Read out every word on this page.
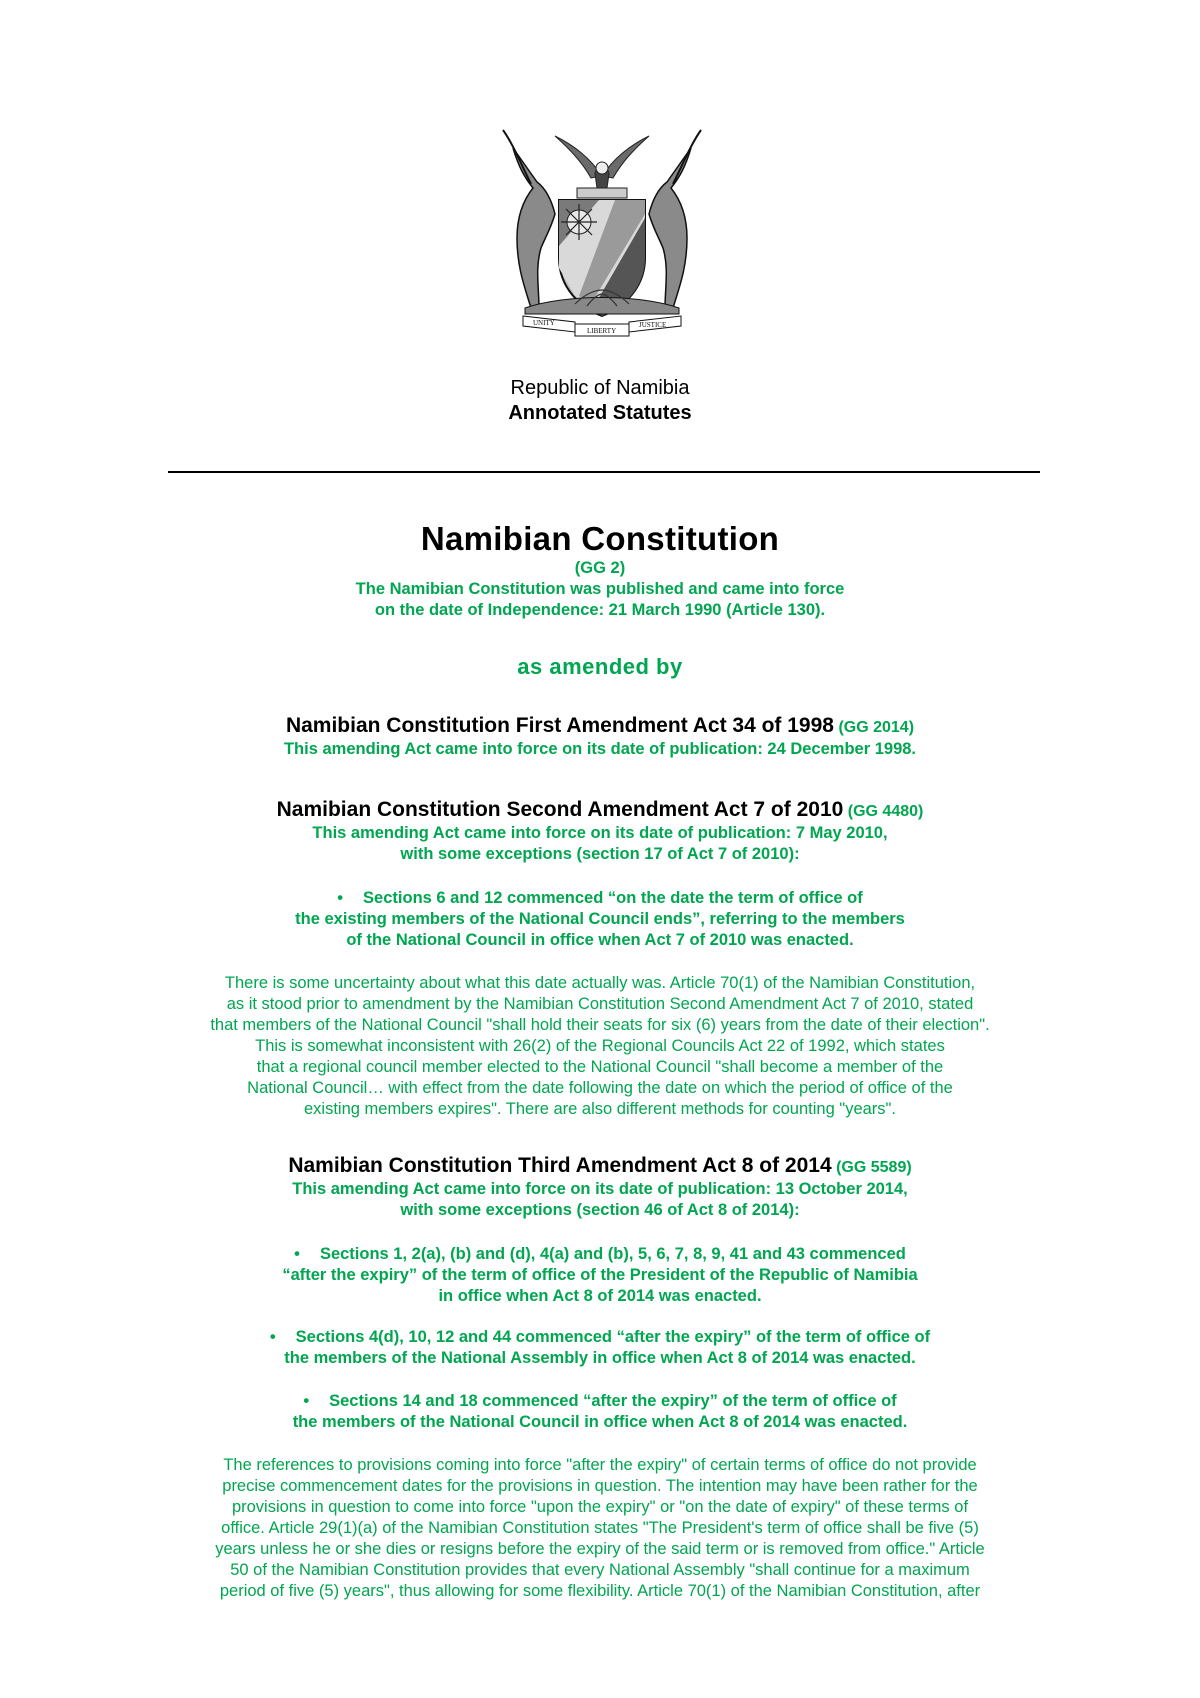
UNITY
LIBERTY
JUSTICE
Republic of Namibia
Annotated Statutes
Namibian Constitution
(GG 2)
The Namibian Constitution was published and came into force
on the date of Independence: 21 March 1990 (Article 130).
as amended by
Namibian Constitution First Amendment Act 34 of 1998 (GG 2014)
This amending Act came into force on its date of publication: 24 December 1998.
Namibian Constitution Second Amendment Act 7 of 2010 (GG 4480)
This amending Act came into force on its date of publication: 7 May 2010,
with some exceptions (section 17 of Act 7 of 2010):
• Sections 6 and 12 commenced “on the date the term of office of
the existing members of the National Council ends”, referring to the members
of the National Council in office when Act 7 of 2010 was enacted.
There is some uncertainty about what this date actually was. Article 70(1) of the Namibian Constitution,
as it stood prior to amendment by the Namibian Constitution Second Amendment Act 7 of 2010, stated
that members of the National Council "shall hold their seats for six (6) years from the date of their election".
This is somewhat inconsistent with 26(2) of the Regional Councils Act 22 of 1992, which states
that a regional council member elected to the National Council "shall become a member of the
National Council… with effect from the date following the date on which the period of office of the
existing members expires". There are also different methods for counting "years".
Namibian Constitution Third Amendment Act 8 of 2014 (GG 5589)
This amending Act came into force on its date of publication: 13 October 2014,
with some exceptions (section 46 of Act 8 of 2014):
• Sections 1, 2(a), (b) and (d), 4(a) and (b), 5, 6, 7, 8, 9, 41 and 43 commenced
“after the expiry” of the term of office of the President of the Republic of Namibia
in office when Act 8 of 2014 was enacted.
• Sections 4(d), 10, 12 and 44 commenced “after the expiry” of the term of office of
the members of the National Assembly in office when Act 8 of 2014 was enacted.
• Sections 14 and 18 commenced “after the expiry” of the term of office of
the members of the National Council in office when Act 8 of 2014 was enacted.
The references to provisions coming into force "after the expiry" of certain terms of office do not provide
precise commencement dates for the provisions in question. The intention may have been rather for the
provisions in question to come into force "upon the expiry" or "on the date of expiry" of these terms of
office. Article 29(1)(a) of the Namibian Constitution states "The President's term of office shall be five (5)
years unless he or she dies or resigns before the expiry of the said term or is removed from office." Article
50 of the Namibian Constitution provides that every National Assembly "shall continue for a maximum
period of five (5) years", thus allowing for some flexibility. Article 70(1) of the Namibian Constitution, after
